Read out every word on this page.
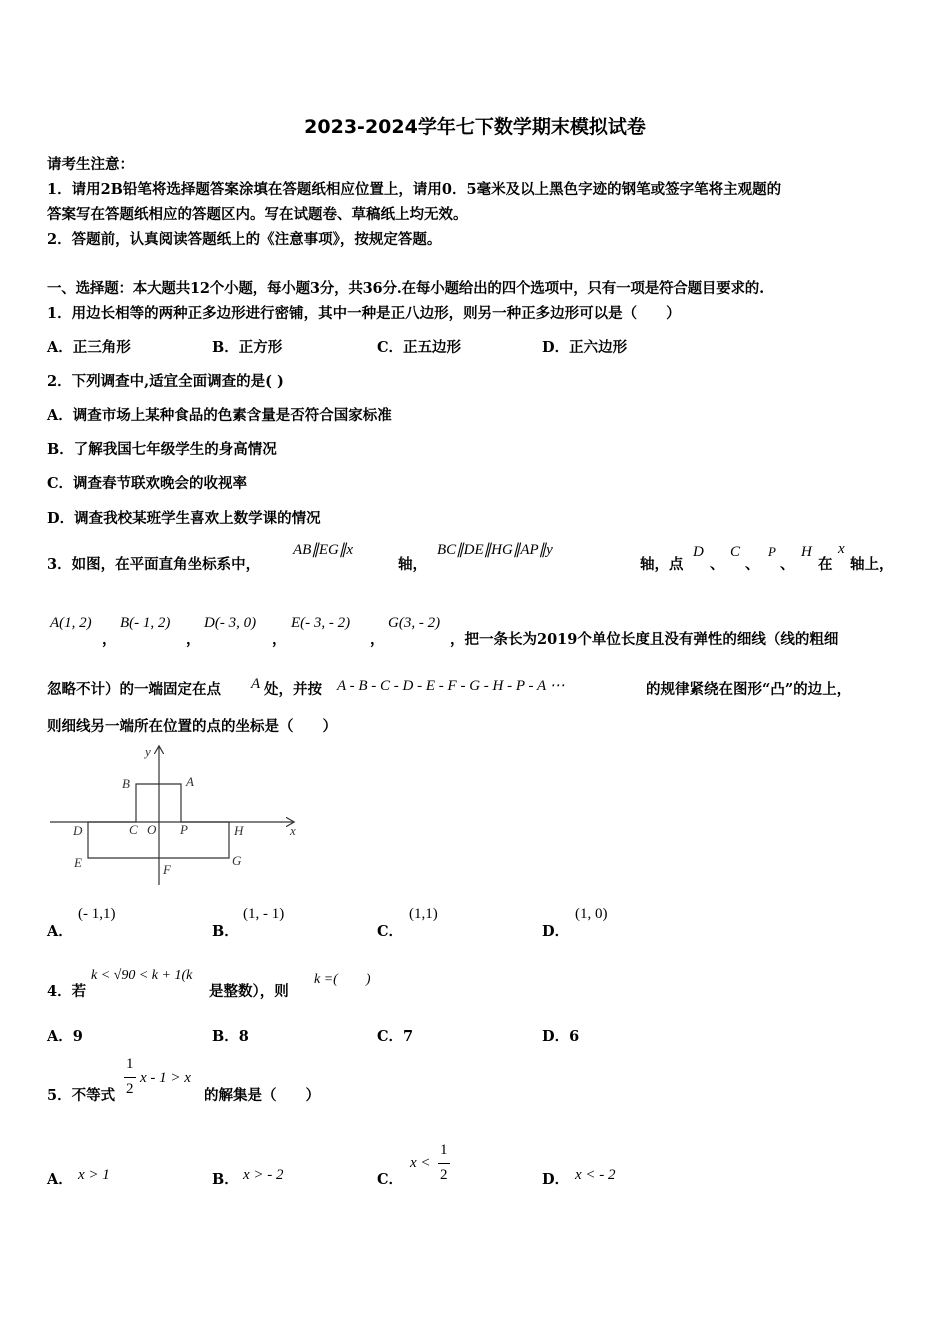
2023-2024学年七下数学期末模拟试卷
请考生注意：
1．请用2B铅笔将选择题答案涂填在答题纸相应位置上，请用0．5毫米及以上黑色字迹的钢笔或签字笔将主观题的
答案写在答题纸相应的答题区内。写在试题卷、草稿纸上均无效。
2．答题前，认真阅读答题纸上的《注意事项》，按规定答题。
一、选择题：本大题共12个小题，每小题3分，共36分.在每小题给出的四个选项中，只有一项是符合题目要求的.
1．用边长相等的两种正多边形进行密铺，其中一种是正八边形，则另一种正多边形可以是（　　）
A．正三角形	B．正方形	C．正五边形	D．正六边形
2．下列调查中,适宜全面调查的是( )
A．调查市场上某种食品的色素含量是否符合国家标准
B．了解我国七年级学生的身高情况
C．调查春节联欢晚会的收视率
D．调查我校某班学生喜欢上数学课的情况
3．如图，在平面直角坐标系中，
AB∥EG∥x
轴，
BC∥DE∥HG∥AP∥y
轴，点
D
、
C
、
P
、
H
在
x
轴上，
A(1, 2)
，
B(- 1, 2)
，
D(- 3, 0)
，
E(- 3, - 2)
，
G(3, - 2)
，把一条长为2019个单位长度且没有弹性的细线（线的粗细
忽略不计）的一端固定在点 A 处，并按 A - B - C - D - E - F - G - H - P - A ⋯	的规律紧绕在图形“凸”的边上，
则细线另一端所在位置的点的坐标是（　　）
y
x
B	A
D	C O P	H
E	F
G
A．
(- 1,1)
B．
(1, - 1)
C．
(1,1)
D．
(1, 0)
4．若
k < √90 < k + 1(k
是整数），则
k =(　　)
A．9	B．8	C．7	D．6
5．不等式
1
2
x - 1 > x
的解集是（　　）
A． x > 1	B． x > - 2	C．
x <
1
2	D． x < - 2
